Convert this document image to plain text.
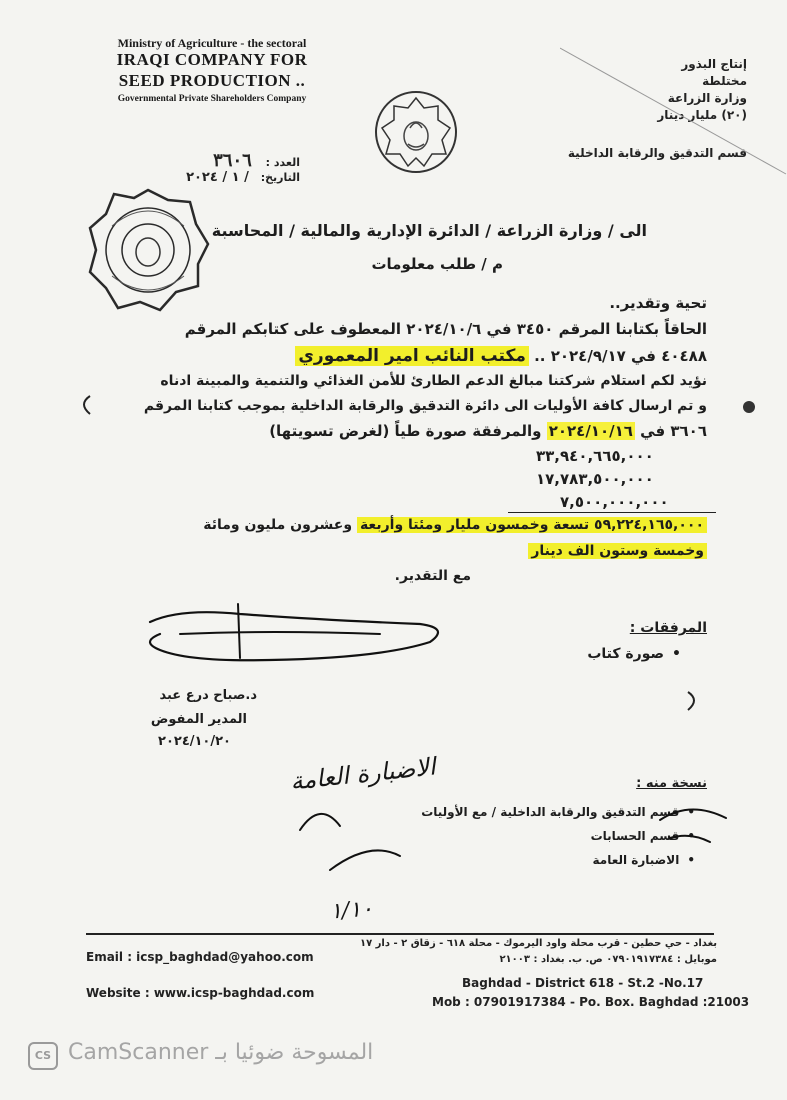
Ministry of Agriculture - the sectoral
IRAQI COMPANY FOR
SEED PRODUCTION ..
Governmental Private Shareholders Company
إنتاج البذور
مختلطة
وزارة الزراعة
(٢٠) مليار دينار
قسم التدقيق والرقابة الداخلية
العدد : ٣٦٠٦
التاريخ: / ١ / ٢٠٢٤
الى / وزارة الزراعة / الدائرة الإدارية والمالية / المحاسبة
م / طلب معلومات
تحية وتقدير..
الحاقاً بكتابنا المرقم ٣٤٥٠ في ٢٠٢٤/١٠/٦ المعطوف على كتابكم المرقم
٤٠٤٨٨ في ٢٠٢٤/٩/١٧ .. مكتب النائب امير المعموري
نؤيد لكم استلام شركتنا مبالغ الدعم الطارئ للأمن الغذائي والتنمية والمبينة ادناه
و تم ارسال كافة الأوليات الى دائرة التدقيق والرقابة الداخلية بموجب كتابنا المرقم
٣٦٠٦ في ٢٠٢٤/١٠/١٦ والمرفقة صورة طياً (لغرض تسويتها)
٣٣,٩٤٠,٦٦٥,٠٠٠
١٧,٧٨٣,٥٠٠,٠٠٠
٧,٥٠٠,٠٠٠,٠٠٠
٥٩,٢٢٤,١٦٥,٠٠٠ تسعة وخمسون مليار ومئتا وأربعة وعشرون مليون ومائة
وخمسة وستون الف دينار
مع التقدير.
المرفقات :
•صورة كتاب
د.صباح درع عبد
المدير المفوض
٢٠٢٤/١٠/٢٠
نسخة منه :
•قسم التدقيق والرقابة الداخلية / مع الأوليات
•قسم الحسابات
•الاضبارة العامة
الاضبارة العامة
١/١٠
Email : icsp_baghdad@yahoo.com
Website : www.icsp-baghdad.com
بغداد - حي حطين - قرب محلة واود اليرموك - محلة ٦١٨ - زقاق ٢ - دار ١٧
موبايل : ٠٧٩٠١٩١٧٣٨٤ ص. ب. بغداد : ٢١٠٠٣
Baghdad - District 618 - St.2 -No.17
Mob : 07901917384 - Po. Box. Baghdad :21003
CS المسوحة ضوئيا بـ CamScanner
